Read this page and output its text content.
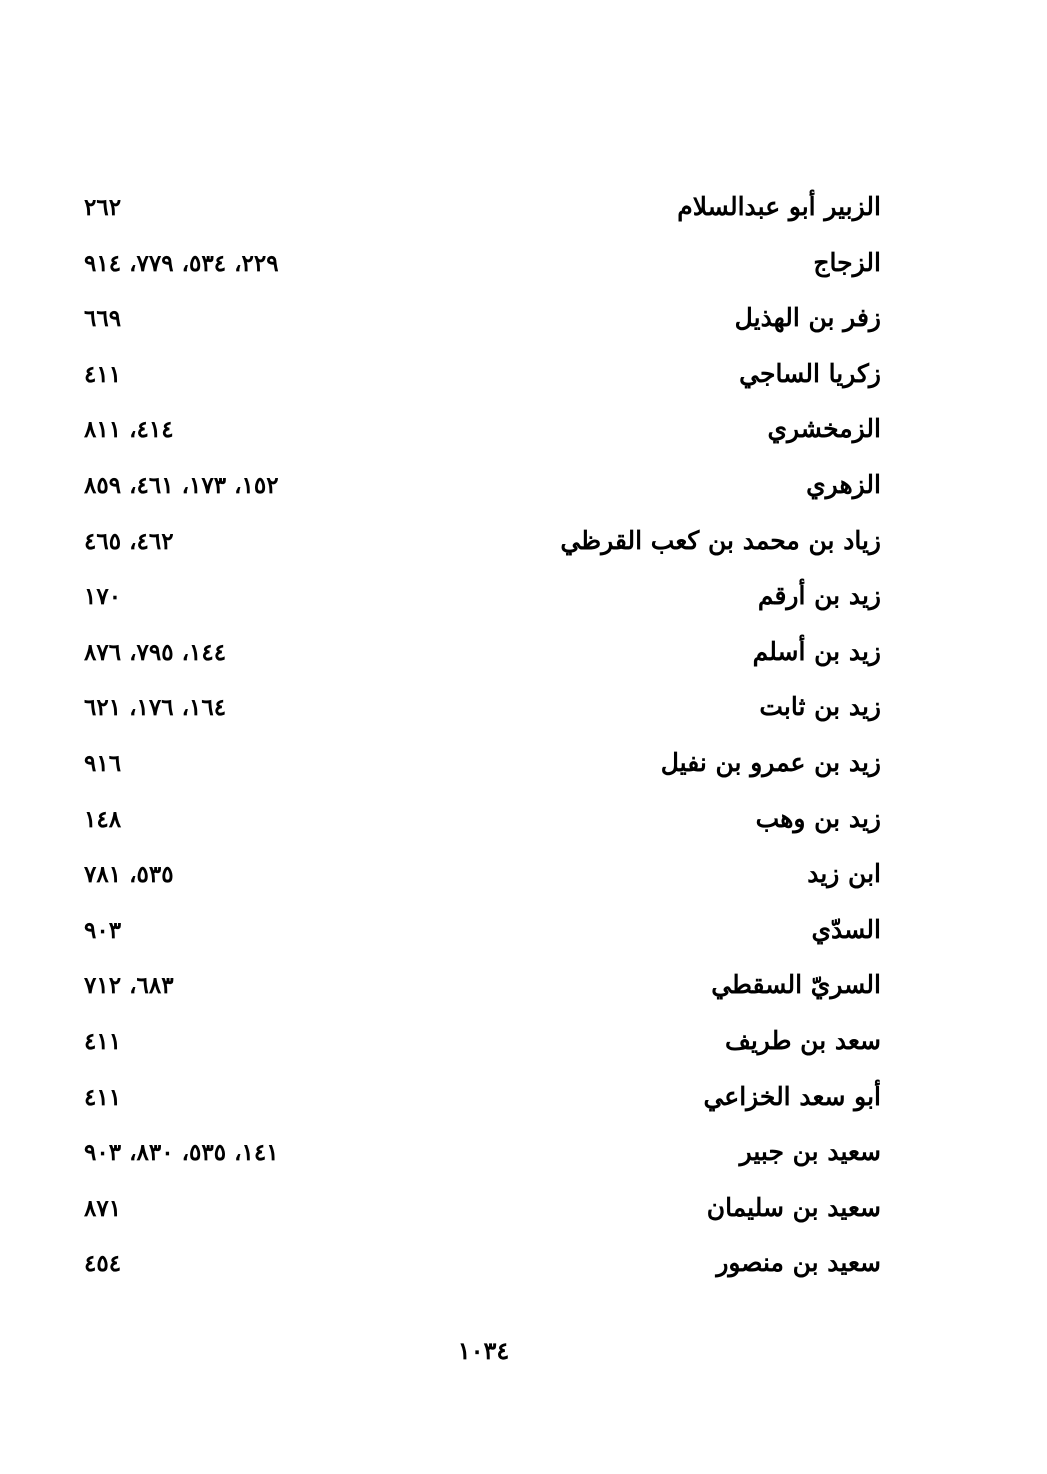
الزبير أبو عبدالسلام
٢٦٢
الزجاج
٢٢٩، ٥٣٤، ٧٧٩، ٩١٤
زفر بن الهذيل
٦٦٩
زكريا الساجي
٤١١
الزمخشري
٤١٤، ٨١١
الزهري
١٥٢، ١٧٣، ٤٦١، ٨٥٩
زياد بن محمد بن كعب القرظي
٤٦٢، ٤٦٥
زيد بن أرقم
١٧٠
زيد بن أسلم
١٤٤، ٧٩٥، ٨٧٦
زيد بن ثابت
١٦٤، ١٧٦، ٦٢١
زيد بن عمرو بن نفيل
٩١٦
زيد بن وهب
١٤٨
ابن زيد
٥٣٥، ٧٨١
السدّي
٩٠٣
السريّ السقطي
٦٨٣، ٧١٢
سعد بن طريف
٤١١
أبو سعد الخزاعي
٤١١
سعيد بن جبير
١٤١، ٥٣٥، ٨٣٠، ٩٠٣
سعيد بن سليمان
٨٧١
سعيد بن منصور
٤٥٤
١٠٣٤
